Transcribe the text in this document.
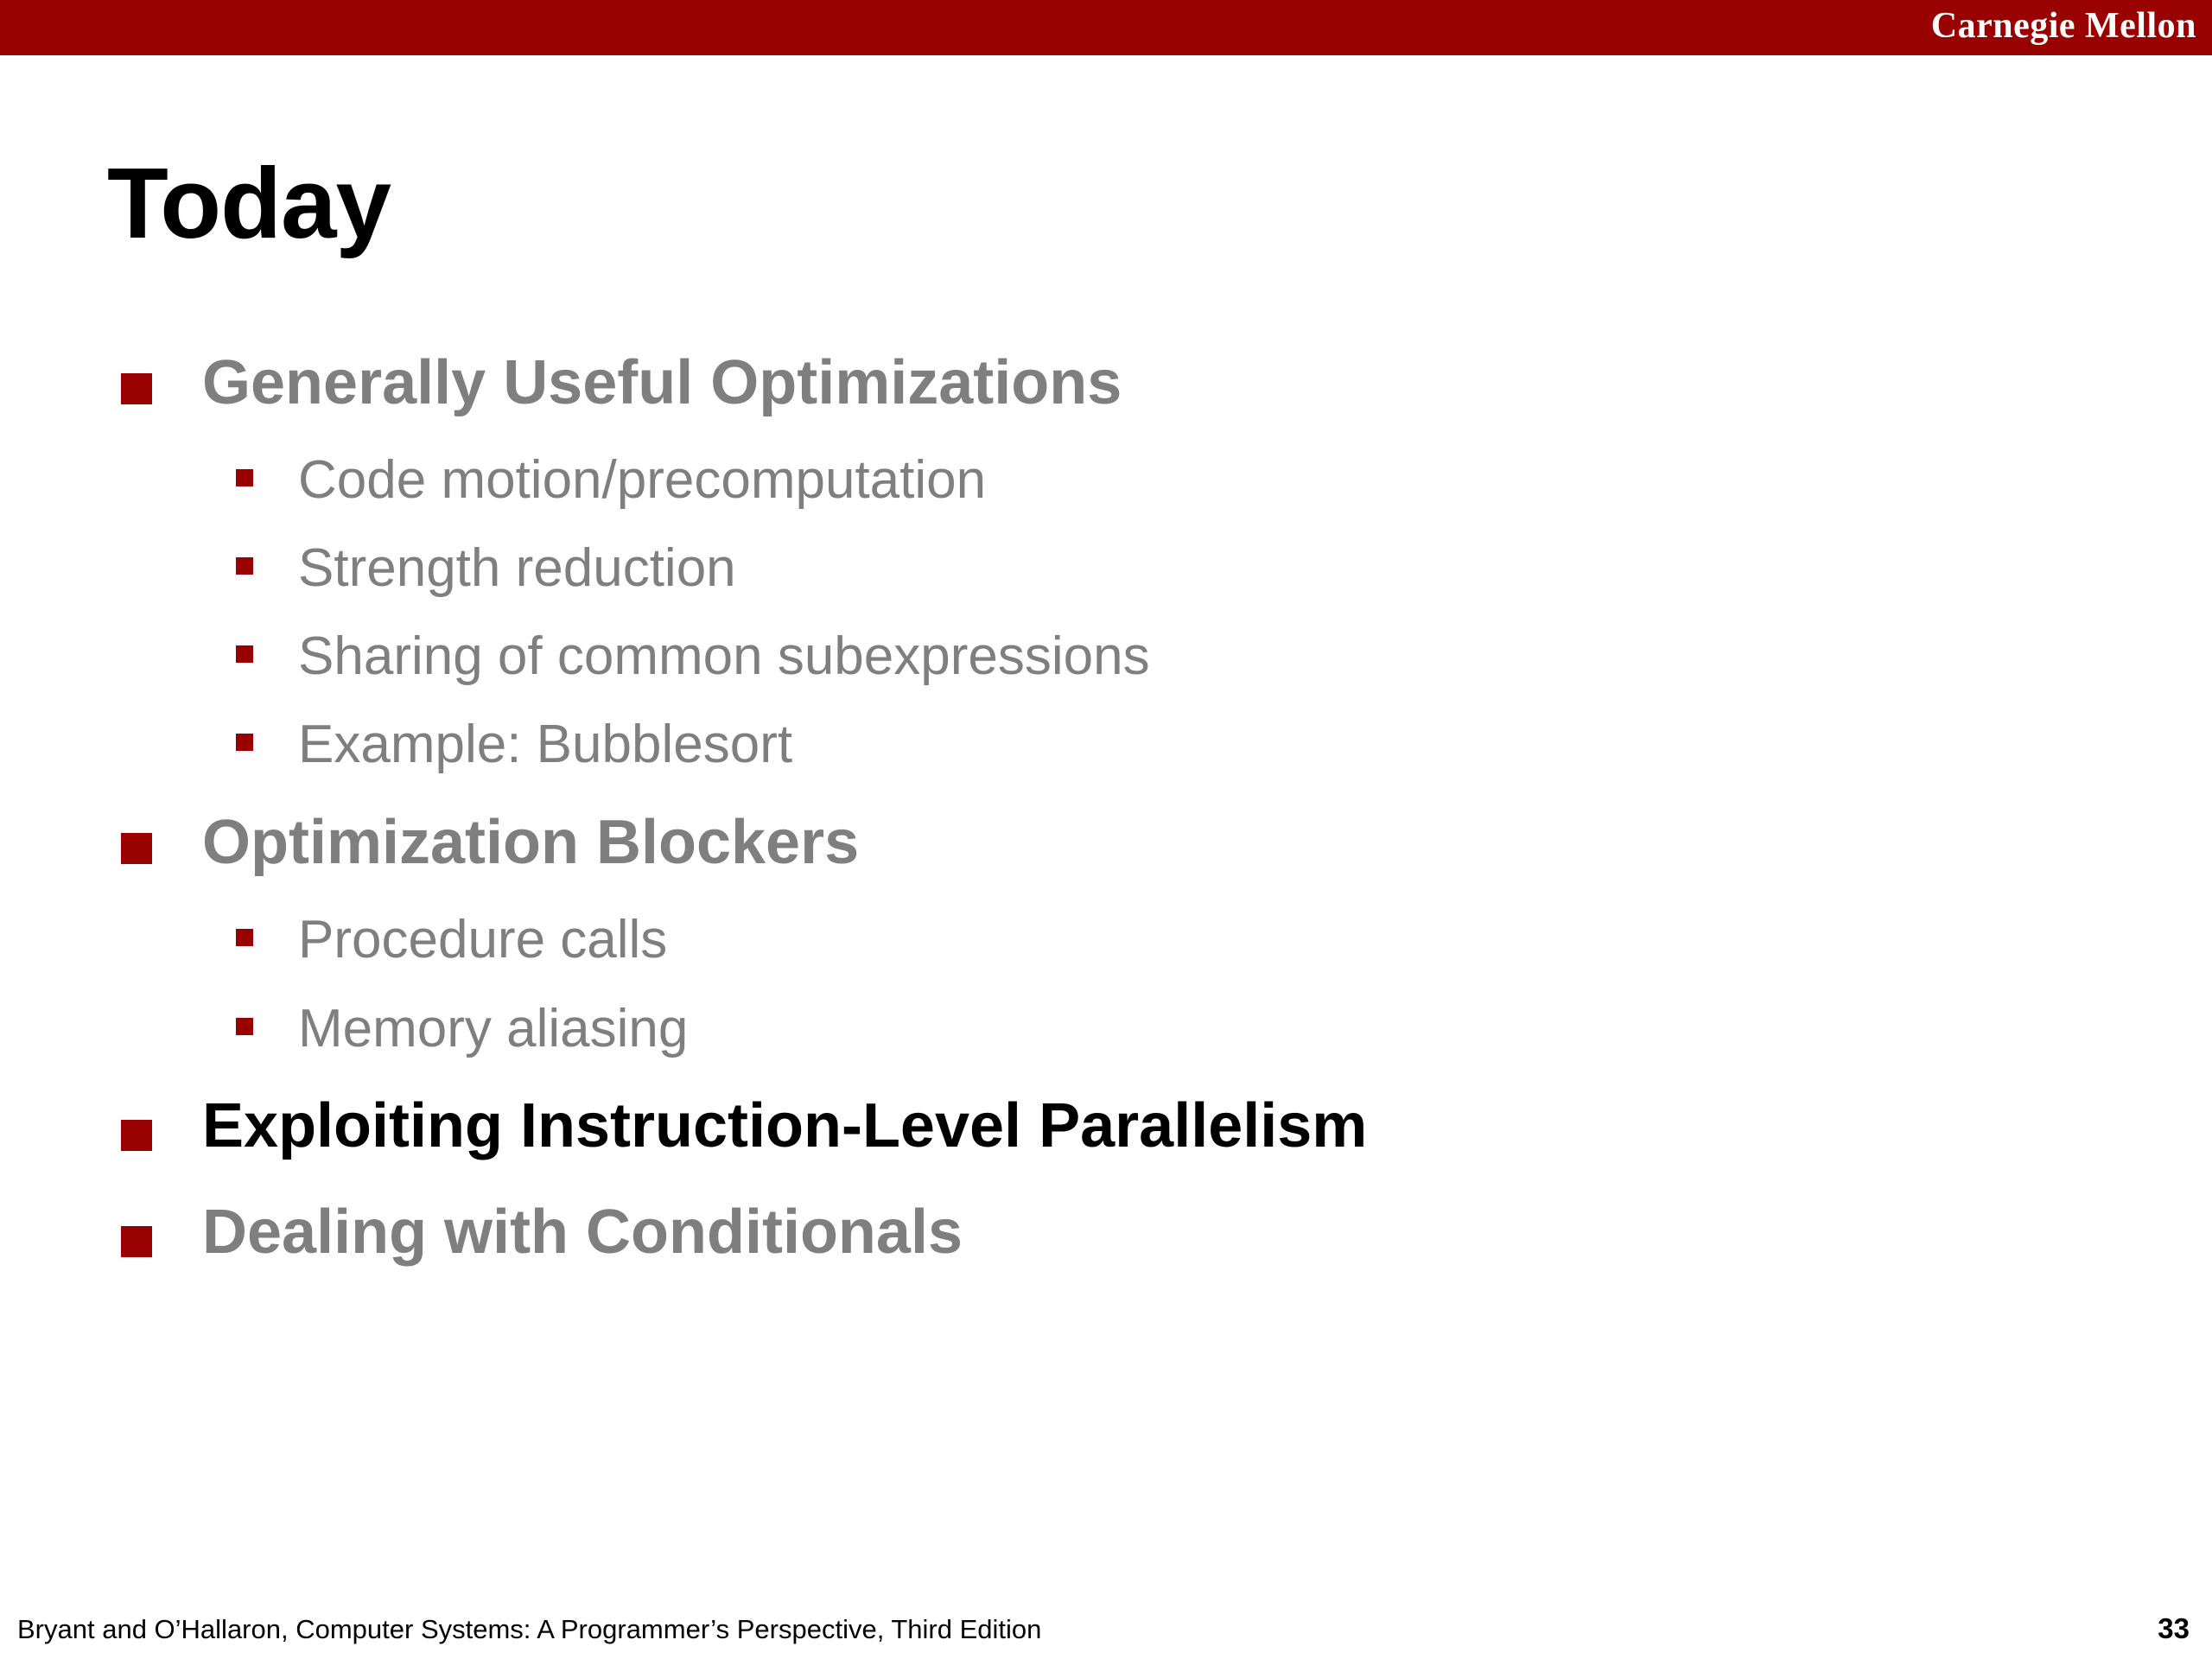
Carnegie Mellon
Today
Generally Useful Optimizations
Code motion/precomputation
Strength reduction
Sharing of common subexpressions
Example: Bubblesort
Optimization Blockers
Procedure calls
Memory aliasing
Exploiting Instruction-Level Parallelism
Dealing with Conditionals
Bryant and O’Hallaron, Computer Systems: A Programmer’s Perspective, Third Edition	33
